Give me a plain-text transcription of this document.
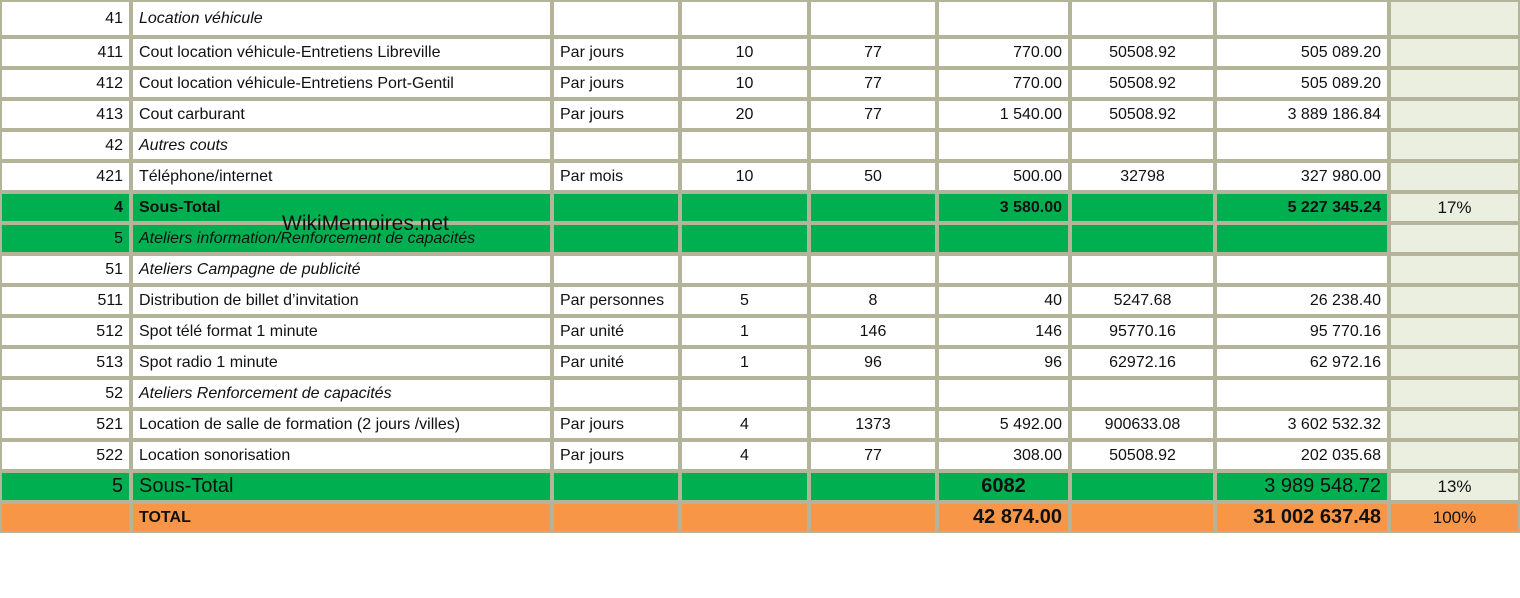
41	Location véhicule							
411	Cout location véhicule-Entretiens Libreville	Par jours	10	77	770.00	50508.92	505 089.20	
412	Cout location véhicule-Entretiens Port-Gentil	Par jours	10	77	770.00	50508.92	505 089.20	
413	Cout carburant	Par jours	20	77	1 540.00	50508.92	3 889 186.84	
42	Autres couts							
421	Téléphone/internet	Par mois	10	50	500.00	32798	327 980.00	
4	Sous-Total				3 580.00		5 227 345.24	17%
5	Ateliers information/Renforcement de capacités							
51	Ateliers Campagne de publicité							
511	Distribution de billet d’invitation	Par personnes	5	8	40	5247.68	26 238.40	
512	Spot télé format 1 minute	Par unité	1	146	146	95770.16	95 770.16	
513	Spot radio 1 minute	Par unité	1	96	96	62972.16	62 972.16	
52	Ateliers Renforcement de capacités							
521	Location de salle de formation (2 jours /villes)	Par jours	4	1373	5 492.00	900633.08	3 602 532.32	
522	Location sonorisation	Par jours	4	77	308.00	50508.92	202 035.68	
5	Sous-Total				6082		3 989 548.72	13%
	TOTAL				42 874.00		31 002 637.48	100%
WikiMemoires.net
